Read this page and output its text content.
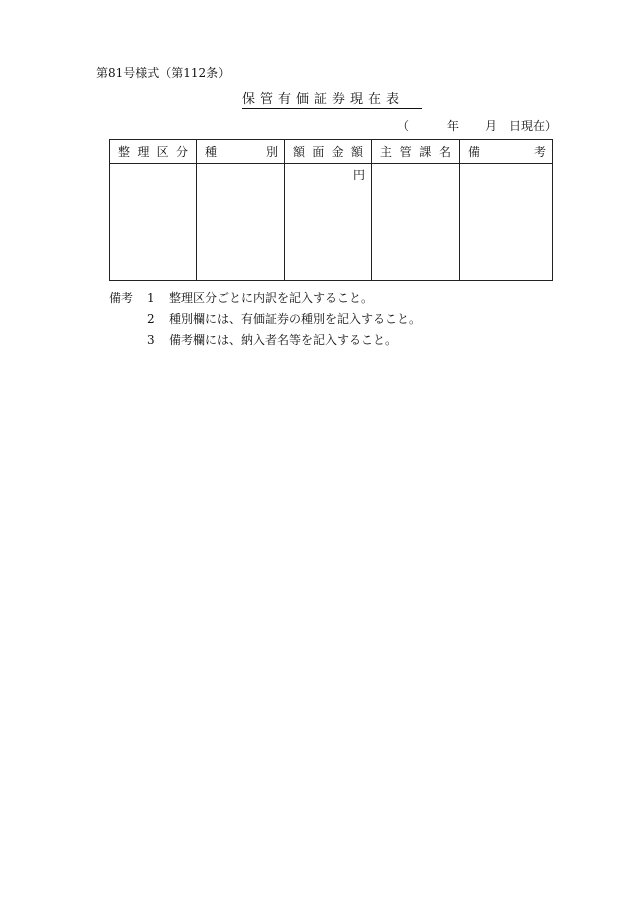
第81号様式（第112条）
保管有価証券現在表
（	年 月 日現在）
整 理 区 分	種 別	額 面 金 額	主 管 課 名	備 考

		円		
備考	1	整理区分ごとに内訳を記入すること。
2	種別欄には、有価証券の種別を記入すること。
3	備考欄には、納入者名等を記入すること。
